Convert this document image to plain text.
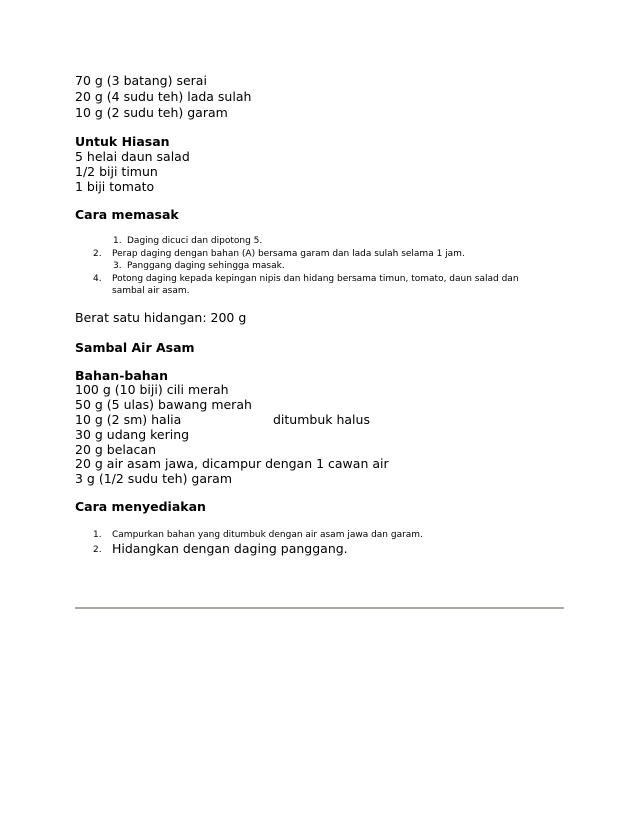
70 g (3 batang) serai
20 g (4 sudu teh) lada sulah
10 g (2 sudu teh) garam
Untuk Hiasan
5 helai daun salad
1/2 biji timun
1 biji tomato
Cara memasak
1. Daging dicuci dan dipotong 5.
2. Perap daging dengan bahan (A) bersama garam dan lada sulah selama 1 jam.
3. Panggang daging sehingga masak.
4. Potong daging kepada kepingan nipis dan hidang bersama timun, tomato, daun salad dan
sambal air asam.
Berat satu hidangan: 200 g
Sambal Air Asam
Bahan-bahan
100 g (10 biji) cili merah
50 g (5 ulas) bawang merah
10 g (2 sm) halia	ditumbuk halus
30 g udang kering
20 g belacan
20 g air asam jawa, dicampur dengan 1 cawan air
3 g (1/2 sudu teh) garam
Cara menyediakan
1. Campurkan bahan yang ditumbuk dengan air asam jawa dan garam.
2. Hidangkan dengan daging panggang.
